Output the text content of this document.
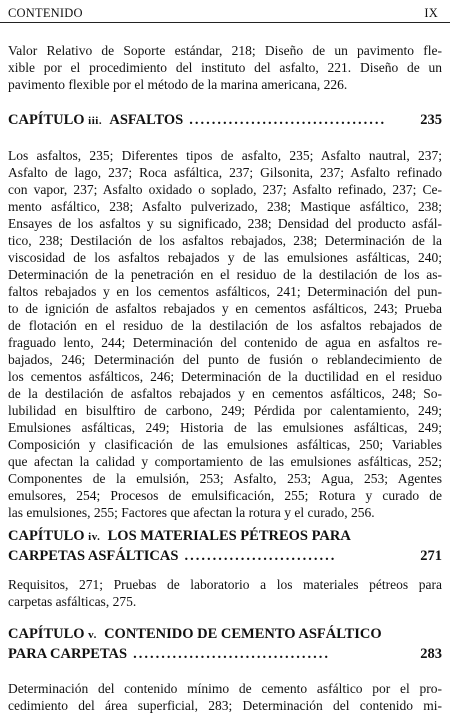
CONTENIDO	IX
Valor Relativo de Soporte estándar, 218; Diseño de un pavimento fle-
xible por el procedimiento del instituto del asfalto, 221. Diseño de un
pavimento flexible por el método de la marina americana, 226.
CAPÍTULO iii. ASFALTOS ...................................	235
Los asfaltos, 235; Diferentes tipos de asfalto, 235; Asfalto nautral, 237;
Asfalto de lago, 237; Roca asfáltica, 237; Gilsonita, 237; Asfalto refinado
con vapor, 237; Asfalto oxidado o soplado, 237; Asfalto refinado, 237; Ce-
mento asfáltico, 238; Asfalto pulverizado, 238; Mastique asfáltico, 238;
Ensayes de los asfaltos y su significado, 238; Densidad del producto asfál-
tico, 238; Destilación de los asfaltos rebajados, 238; Determinación de la
viscosidad de los asfaltos rebajados y de las emulsiones asfálticas, 240;
Determinación de la penetración en el residuo de la destilación de los as-
faltos rebajados y en los cementos asfálticos, 241; Determinación del pun-
to de ignición de asfaltos rebajados y en cementos asfálticos, 243; Prueba
de flotación en el residuo de la destilación de los asfaltos rebajados de
fraguado lento, 244; Determinación del contenido de agua en asfaltos re-
bajados, 246; Determinación del punto de fusión o reblandecimiento de
los cementos asfálticos, 246; Determinación de la ductilidad en el residuo
de la destilación de asfaltos rebajados y en cementos asfálticos, 248; So-
lubilidad en bisulftiro de carbono, 249; Pérdida por calentamiento, 249;
Emulsiones asfálticas, 249; Historia de las emulsiones asfálticas, 249;
Composición y clasificación de las emulsiones asfálticas, 250; Variables
que afectan la calidad y comportamiento de las emulsiones asfálticas, 252;
Componentes de la emulsión, 253; Asfalto, 253; Agua, 253; Agentes
emulsores, 254; Procesos de emulsificación, 255; Rotura y curado de
las emulsiones, 255; Factores que afectan la rotura y el curado, 256.
CAPÍTULO iv. LOS MATERIALES PÉTREOS PARA
CARPETAS ASFÁLTICAS ...........................	271
Requisitos, 271; Pruebas de laboratorio a los materiales pétreos para
carpetas asfálticas, 275.
CAPÍTULO v. CONTENIDO DE CEMENTO ASFÁLTICO
PARA CARPETAS ...................................	283
Determinación del contenido mínimo de cemento asfáltico por el pro-
cedimiento del área superficial, 283; Determinación del contenido mi-
